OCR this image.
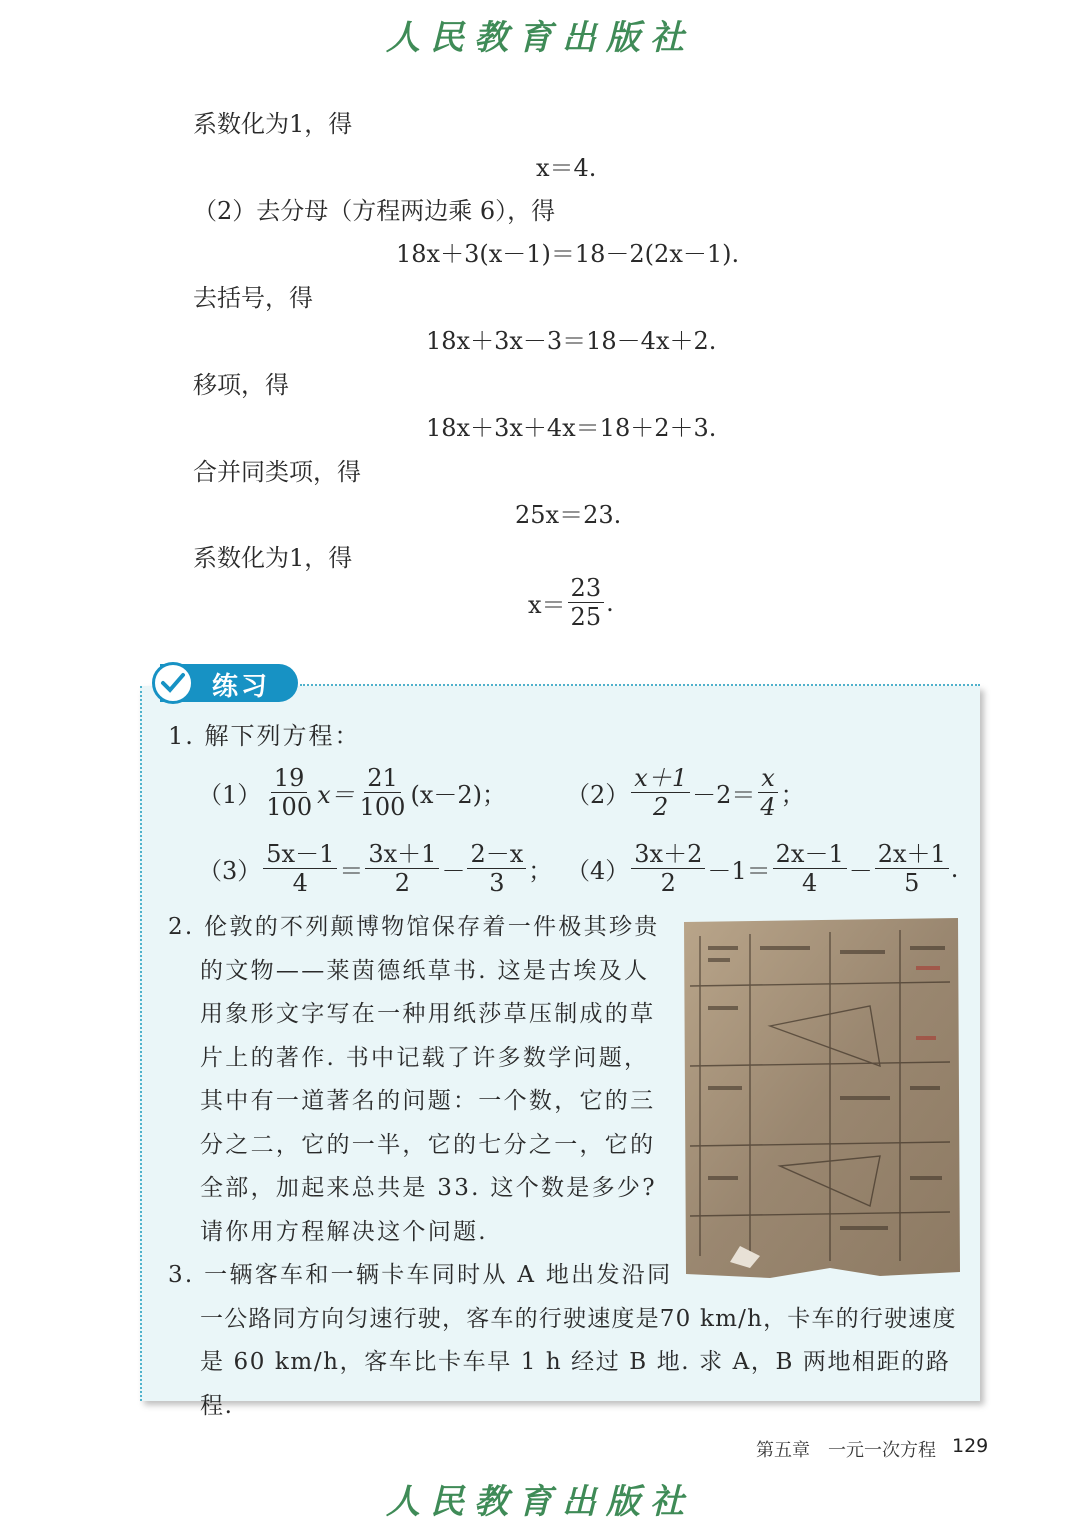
人民教育出版社
系数化为1，得
x＝4.
（2）去分母（方程两边乘 6），得
18x＋3(x－1)＝18－2(2x－1).
去括号，得
18x＋3x－3＝18－4x＋2.
移项，得
18x＋3x＋4x＝18＋2＋3.
合并同类项，得
25x＝23.
系数化为1，得
$x= \frac{23}{25}$ .
练习
1. 解下列方程：
$(1) \frac{19}{100} x= \frac{21}{100} (x-2)$；	$(2) \frac{x+1}{2} -2= \frac{x}{4}$ ；
$(3) \frac{5x-1}{4} = \frac{3x+1}{2} - \frac{2-x}{3}$ ； $(4) \frac{3x+2}{2} -1= \frac{2x-1}{4} - \frac{2x+1}{5}$ .
2. 伦敦的不列颠博物馆保存着一件极其珍贵
的文物——莱茵德纸草书. 这是古埃及人
用象形文字写在一种用纸莎草压制成的草
片上的著作. 书中记载了许多数学问题，
其中有一道著名的问题：一个数，它的三
分之二，它的一半，它的七分之一，它的
全部，加起来总共是 33. 这个数是多少?
请你用方程解决这个问题.
3. 一辆客车和一辆卡车同时从 A 地出发沿同
一公路同方向匀速行驶，客车的行驶速度是70 km/h，卡车的行驶速度
是 60 km/h，客车比卡车早 1 h 经过 B 地. 求 A，B 两地相距的路程.
第五章　一元一次方程 129
人民教育出版社
